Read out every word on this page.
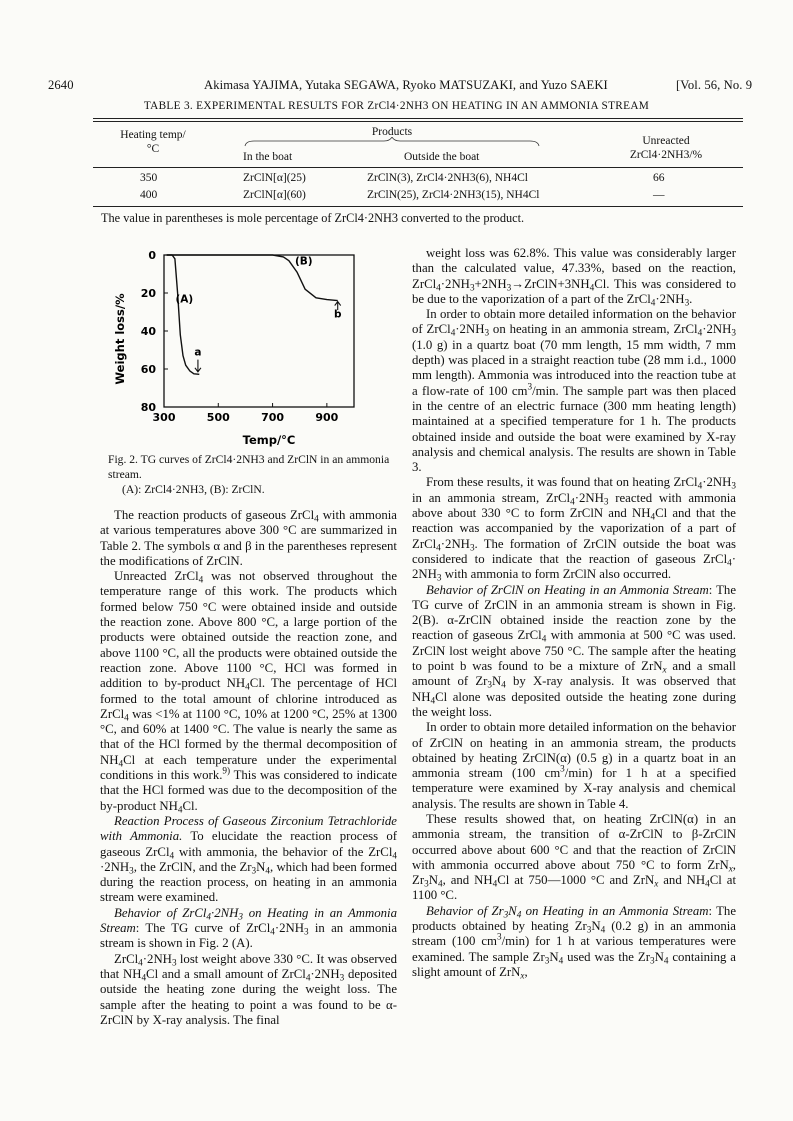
2640	Akimasa YAJIMA, Yutaka SEGAWA, Ryoko MATSUZAKI, and Yuzo SAEKI	[Vol. 56, No. 9
TABLE 3. EXPERIMENTAL RESULTS FOR ZrCl4·2NH3 ON HEATING IN AN AMMONIA STREAM
Heating temp/°C
Products
In the boat	Outside the boat
Unreacted ZrCl4·2NH3/%
350	ZrClN[α](25)	ZrClN(3), ZrCl4·2NH3(6), NH4Cl	66
400	ZrClN[α](60)	ZrClN(25), ZrCl4·2NH3(15), NH4Cl	—
The value in parentheses is mole percentage of ZrCl4·2NH3 converted to the product.
0
20
40
60
80
300	500	700	900
Temp/°C
Weight loss/%	(A)
(B)
a
b
Fig. 2. TG curves of ZrCl4·2NH3 and ZrClN in an ammonia stream.
(A): ZrCl4·2NH3, (B): ZrClN.

The reaction products of gaseous ZrCl$_4$ with ammonia at various temperatures above 300 °C are summarized in Table 2. The symbols α and β in the parentheses represent the modifications of ZrClN.

Unreacted ZrCl$_4$ was not observed throughout the temperature range of this work. The products which formed below 750 °C were obtained inside and outside the reaction zone. Above 800 °C, a large portion of the products were obtained outside the reaction zone, and above 1100 °C, all the products were obtained outside the reaction zone. Above 1100 °C, HCl was formed in addition to by-product $NH_4Cl$. The percentage of HCl formed to the total amount of chlorine introduced as ZrCl$_4$ was <1% at 1100 °C, 10% at 1200 °C, 25% at 1300 °C, and 60% at 1400 °C. The value is nearly the same as that of the HCl formed by the thermal decomposition of $NH_4Cl$ at each temperature under the experimental conditions in this work.$^{9)}$ This was considered to indicate that the HCl formed was due to the decomposition of the by-product $NH_4Cl$.

Reaction Process of Gaseous Zirconium Tetrachloride with Ammonia. To elucidate the reaction process of gaseous ZrCl$_4$ with ammonia, the behavior of the ZrCl$_4$ $\cdot 2NH_3$, the ZrClN, and the $Zr_3N_4$, which had been formed during the reaction process, on heating in an ammonia stream were examined.

Behavior of $ZrCl_4\cdot 2NH_3$ on Heating in an Ammonia Stream: The TG curve of $ZrCl_4\cdot 2NH_3$ in an ammonia stream is shown in Fig. 2 (A).

$ZrCl_4\cdot 2NH_3$ lost weight above 330 °C. It was observed that $NH_4Cl$ and a small amount of $ZrCl_4\cdot 2NH_3$ deposited outside the heating zone during the weight loss. The sample after the heating to point a was found to be α-ZrClN by X-ray analysis. The final

weight loss was 62.8%. This value was considerably larger than the calculated value, 47.33%, based on the reaction, $ZrCl_4\cdot 2NH_3+2NH_3\to ZrClN+3NH_4Cl$. This was considered to be due to the vaporization of a part of the $ZrCl_4\cdot 2NH_3$.

In order to obtain more detailed information on the behavior of $ZrCl_4\cdot 2NH_3$ on heating in an ammonia stream, $ZrCl_4\cdot 2NH_3$ (1.0 g) in a quartz boat (70 mm length, 15 mm width, 7 mm depth) was placed in a straight reaction tube (28 mm i.d., 1000 mm length). Ammonia was introduced into the reaction tube at a flow-rate of 100 $cm^3/\min$. The sample part was then placed in the centre of an electric furnace (300 mm heating length) maintained at a specified temperature for 1 h. The products obtained inside and outside the boat were examined by X-ray analysis and chemical analysis. The results are shown in Table 3.

From these results, it was found that on heating $ZrCl_4\cdot 2NH_3$ in an ammonia stream, $ZrCl_4\cdot 2NH_3$ reacted with ammonia above about 330 °C to form ZrClN and $NH_4Cl$ and that the reaction was accompanied by the vaporization of a part of $ZrCl_4\cdot 2NH_3$. The formation of ZrClN outside the boat was considered to indicate that the reaction of gaseous ZrCl$_4$· $2NH_3$ with ammonia to form ZrClN also occurred.

Behavior of ZrClN on Heating in an Ammonia Stream: The TG curve of ZrClN in an ammonia stream is shown in Fig. 2(B). α-ZrClN obtained inside the reaction zone by the reaction of gaseous ZrCl$_4$ with ammonia at 500 °C was used. ZrClN lost weight above 750 °C. The sample after the heating to point b was found to be a mixture of ZrN$_x$ and a small amount of $Zr_3N_4$ by X-ray analysis. It was observed that $NH_4Cl$ alone was deposited outside the heating zone during the weight loss.

In order to obtain more detailed information on the behavior of ZrClN on heating in an ammonia stream, the products obtained by heating ZrClN(α) (0.5 g) in a quartz boat in an ammonia stream (100 $cm^3/\min$) for 1 h at a specified temperature were examined by X-ray analysis and chemical analysis. The results are shown in Table 4.

These results showed that, on heating ZrClN(α) in an ammonia stream, the transition of α-ZrClN to β-ZrClN occurred above about 600 °C and that the reaction of ZrClN with ammonia occurred above about 750 °C to form ZrN$_x$, $Zr_3N_4$, and $NH_4Cl$ at 750—1000 °C and ZrN$_x$ and $NH_4Cl$ at 1100 °C.

Behavior of $Zr_3N_4$ on Heating in an Ammonia Stream: The products obtained by heating $Zr_3N_4$ (0.2 g) in an ammonia stream (100 $cm^3/\min$) for 1 h at various temperatures were examined. The sample $Zr_3N_4$ used was the $Zr_3N_4$ containing a slight amount of ZrN$_x$,
